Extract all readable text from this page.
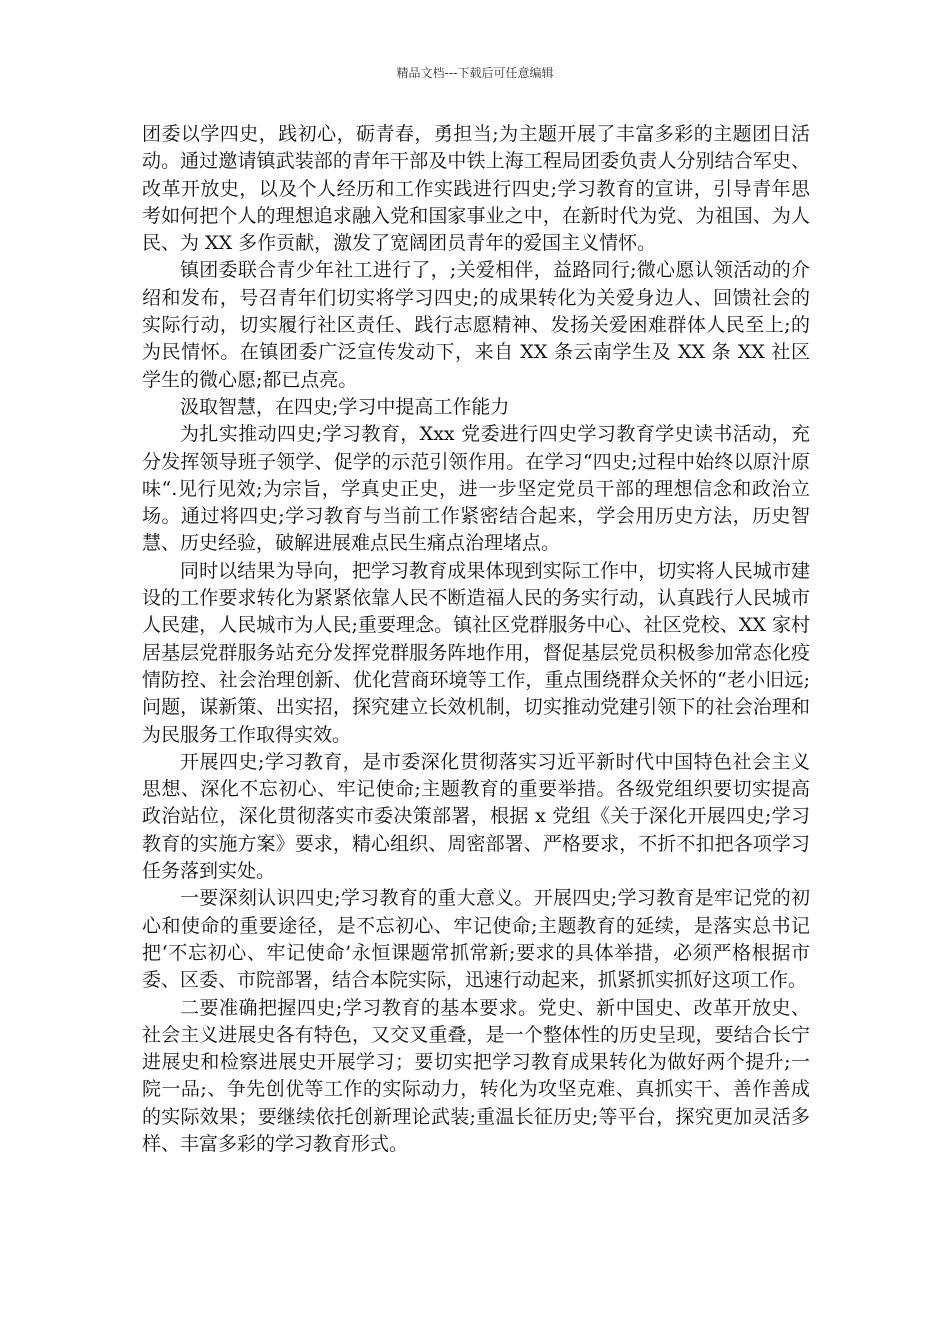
精品文档---下载后可任意编辑

团委以学四史，践初心，砺青春，勇担当;为主题开展了丰富多彩的主题团日活动。通过邀请镇武装部的青年干部及中铁上海工程局团委负责人分别结合军史、改革开放史，以及个人经历和工作实践进行四史;学习教育的宣讲，引导青年思考如何把个人的理想追求融入党和国家事业之中，在新时代为党、为祖国、为人民、为 XX 多作贡献，激发了宽阔团员青年的爱国主义情怀。

镇团委联合青少年社工进行了，;关爱相伴，益路同行;微心愿认领活动的介绍和发布，号召青年们切实将学习四史;的成果转化为关爱身边人、回馈社会的实际行动，切实履行社区责任、践行志愿精神、发扬关爱困难群体人民至上;的为民情怀。在镇团委广泛宣传发动下，来自 XX 条云南学生及 XX 条 XX 社区学生的微心愿;都已点亮。

汲取智慧，在四史;学习中提高工作能力

为扎实推动四史;学习教育，Xxx 党委进行四史学习教育学史读书活动，充分发挥领导班子领学、促学的示范引领作用。在学习“四史;过程中始终以原汁原味“.见行见效;为宗旨，学真史正史，进一步坚定党员干部的理想信念和政治立场。通过将四史;学习教育与当前工作紧密结合起来，学会用历史方法，历史智慧、历史经验，破解进展难点民生痛点治理堵点。

同时以结果为导向，把学习教育成果体现到实际工作中，切实将人民城市建设的工作要求转化为紧紧依靠人民不断造福人民的务实行动，认真践行人民城市人民建，人民城市为人民;重要理念。镇社区党群服务中心、社区党校、XX 家村居基层党群服务站充分发挥党群服务阵地作用，督促基层党员积极参加常态化疫情防控、社会治理创新、优化营商环境等工作，重点围绕群众关怀的“老小旧远;问题，谋新策、出实招，探究建立长效机制，切实推动党建引领下的社会治理和为民服务工作取得实效。

开展四史;学习教育，是市委深化贯彻落实习近平新时代中国特色社会主义思想、深化不忘初心、牢记使命;主题教育的重要举措。各级党组织要切实提高政治站位，深化贯彻落实市委决策部署，根据 x 党组《关于深化开展四史;学习教育的实施方案》要求，精心组织、周密部署、严格要求，不折不扣把各项学习任务落到实处。

一要深刻认识四史;学习教育的重大意义。开展四史;学习教育是牢记党的初心和使命的重要途径，是不忘初心、牢记使命;主题教育的延续，是落实总书记把‘不忘初心、牢记使命’永恒课题常抓常新;要求的具体举措，必须严格根据市委、区委、市院部署，结合本院实际，迅速行动起来，抓紧抓实抓好这项工作。

二要准确把握四史;学习教育的基本要求。党史、新中国史、改革开放史、社会主义进展史各有特色，又交叉重叠，是一个整体性的历史呈现，要结合长宁进展史和检察进展史开展学习；要切实把学习教育成果转化为做好两个提升;一院一品;、争先创优等工作的实际动力，转化为攻坚克难、真抓实干、善作善成的实际效果；要继续依托创新理论武装;重温长征历史;等平台，探究更加灵活多样、丰富多彩的学习教育形式。
